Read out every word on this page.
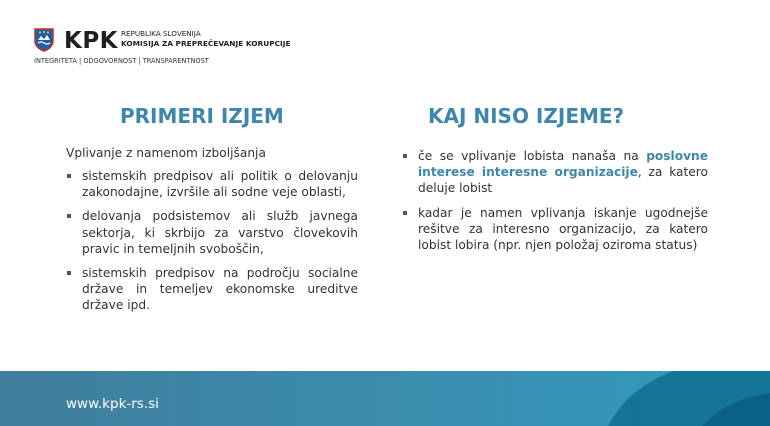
KPK REPUBLIKA SLOVENIJA
KOMISIJA ZA PREPREČEVANJE KORUPCIJE
INTEGRITETA | ODGOVORNOST | TRANSPARENTNOST
PRIMERI IZJEM	KAJ NISO IZJEME?
Vplivanje z namenom izboljšanja
sistemskih predpisov ali politik o delovanju zakonodajne, izvršile ali sodne veje oblasti,
delovanja podsistemov ali služb javnega sektorja, ki skrbijo za varstvo človekovih pravic in temeljnih svoboščin,
sistemskih predpisov na področju socialne države in temeljev ekonomske ureditve države ipd.
če se vplivanje lobista nanaša na poslovne interese interesne organizacije, za katero deluje lobist
kadar je namen vplivanja iskanje ugodnejše rešitve za interesno organizacijo, za katero lobist lobira (npr. njen položaj oziroma status)
www.kpk-rs.si
